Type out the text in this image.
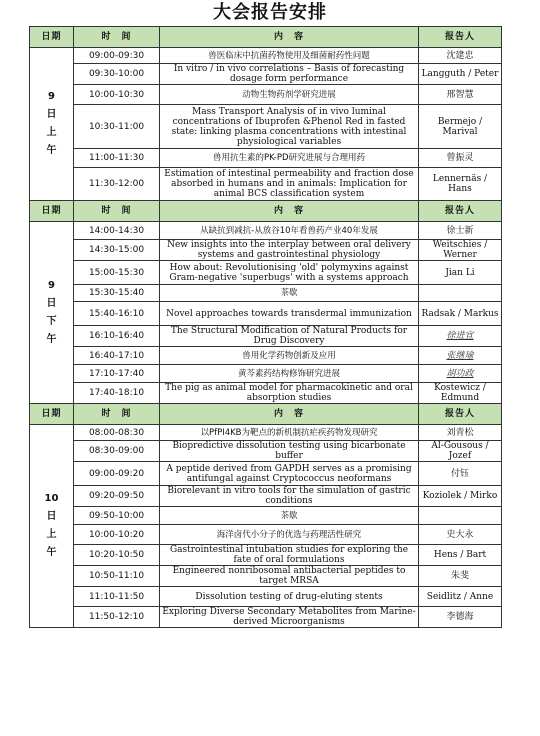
大会报告安排
日期	时　间	内　容	报告人

9
日
上
午	09:00-09:30	兽医临床中抗菌药物使用及细菌耐药性问题	沈建忠
	09:30-10:00	In vitro / in vivo correlations – Basis of forecasting dosage form performance	Langguth / Peter
	10:00-10:30	动物生物药剂学研究进展	邢智慧
	10:30-11:00	Mass Transport Analysis of in vivo luminal concentrations of Ibuprofen &Phenol Red in fasted state: linking plasma concentrations with intestinal physiological variables	Bermejo / Marival
	11:00-11:30	兽用抗生素的PK-PD研究进展与合理用药	曾振灵
	11:30-12:00	Estimation of intestinal permeability and fraction dose absorbed in humans and in animals: Implication for animal BCS classification system	Lennernäs / Hans
日期	时　间	内　容	报告人

9
日
下
午	14:00-14:30	从缺抗到减抗-从放谷10年看兽药产业40年发展	徐士新
	14:30-15:00	New insights into the interplay between oral delivery systems and gastrointestinal physiology	Weitschies / Werner
	15:00-15:30	How about: Revolutionising 'old' polymyxins against Gram-negative 'superbugs' with a systems approach	Jian Li
	15:30-15:40	茶歇	
	15:40-16:10	Novel approaches towards transdermal immunization	Radsak / Markus
	16:10-16:40	The Structural Modification of Natural Products for Drug Discovery	徐进宜
	16:40-17:10	兽用化学药物创新及应用	张继瑜
	17:10-17:40	黄芩素药结构修饰研究进展	胡功政
	17:40-18:10	The pig as animal model for pharmacokinetic and oral absorption studies	Kostewicz / Edmund
日期	时　间	内　容	报告人

10
日
上
午	08:00-08:30	以PfPI4KB为靶点的新机制抗疟疾药物发现研究	刘青松
	08:30-09:00	Biopredictive dissolution testing using bicarbonate buffer	Al-Gousous / Jozef
	09:00-09:20	A peptide derived from GAPDH serves as a promising antifungal against Cryptococcus neoformans	付钰
	09:20-09:50	Biorelevant in vitro tools for the simulation of gastric conditions	Koziolek / Mirko
	09:50-10:00	茶歇	
	10:00-10:20	海洋卤代小分子的优选与药理活性研究	史大永
	10:20-10:50	Gastrointestinal intubation studies for exploring the fate of oral formulations	Hens / Bart
	10:50-11:10	Engineered nonribosomal antibacterial peptides to target MRSA	朱斐
	11:10-11:50	Dissolution testing of drug-eluting stents	Seidlitz / Anne
	11:50-12:10	Exploring Diverse Secondary Metabolites from Marine-derived Microorganisms	李德海
